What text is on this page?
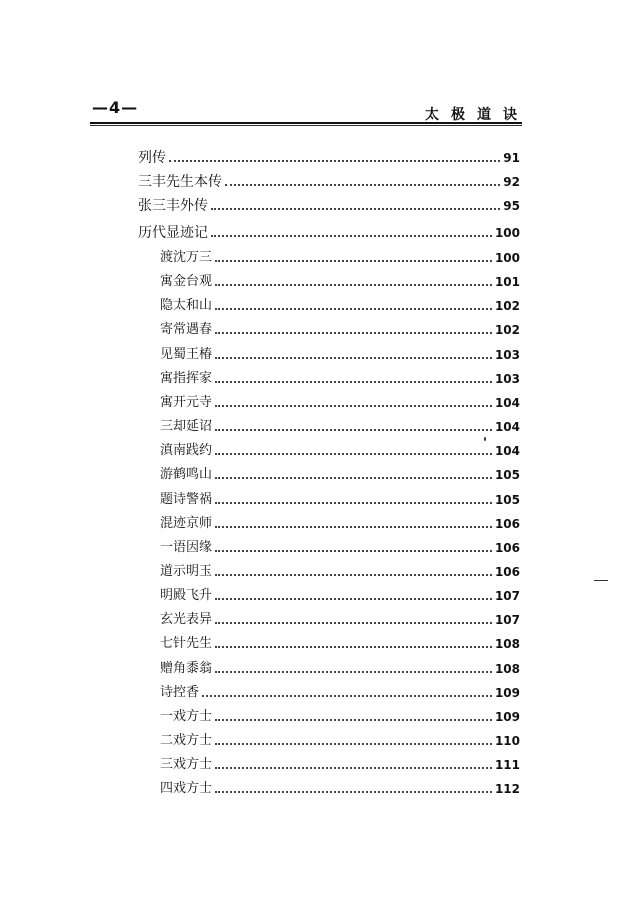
—4—	太极道诀
列传	91
三丰先生本传	92
张三丰外传	95
历代显迹记	100
渡沈万三	100
寓金台观	101
隐太和山	102
寄常遇春	102
见蜀王椿	103
寓指挥家	103
寓开元寺	104
三却延诏	104
滇南践约	104
游鹤鸣山	105
题诗警祸	105
混迹京师	106
一语因缘	106
道示明玉	106
明殿飞升	107
玄光表异	107
七针先生	108
赠角黍翁	108
诗控香	109
一戏方士	109
二戏方士	110
三戏方士	111
四戏方士	112
